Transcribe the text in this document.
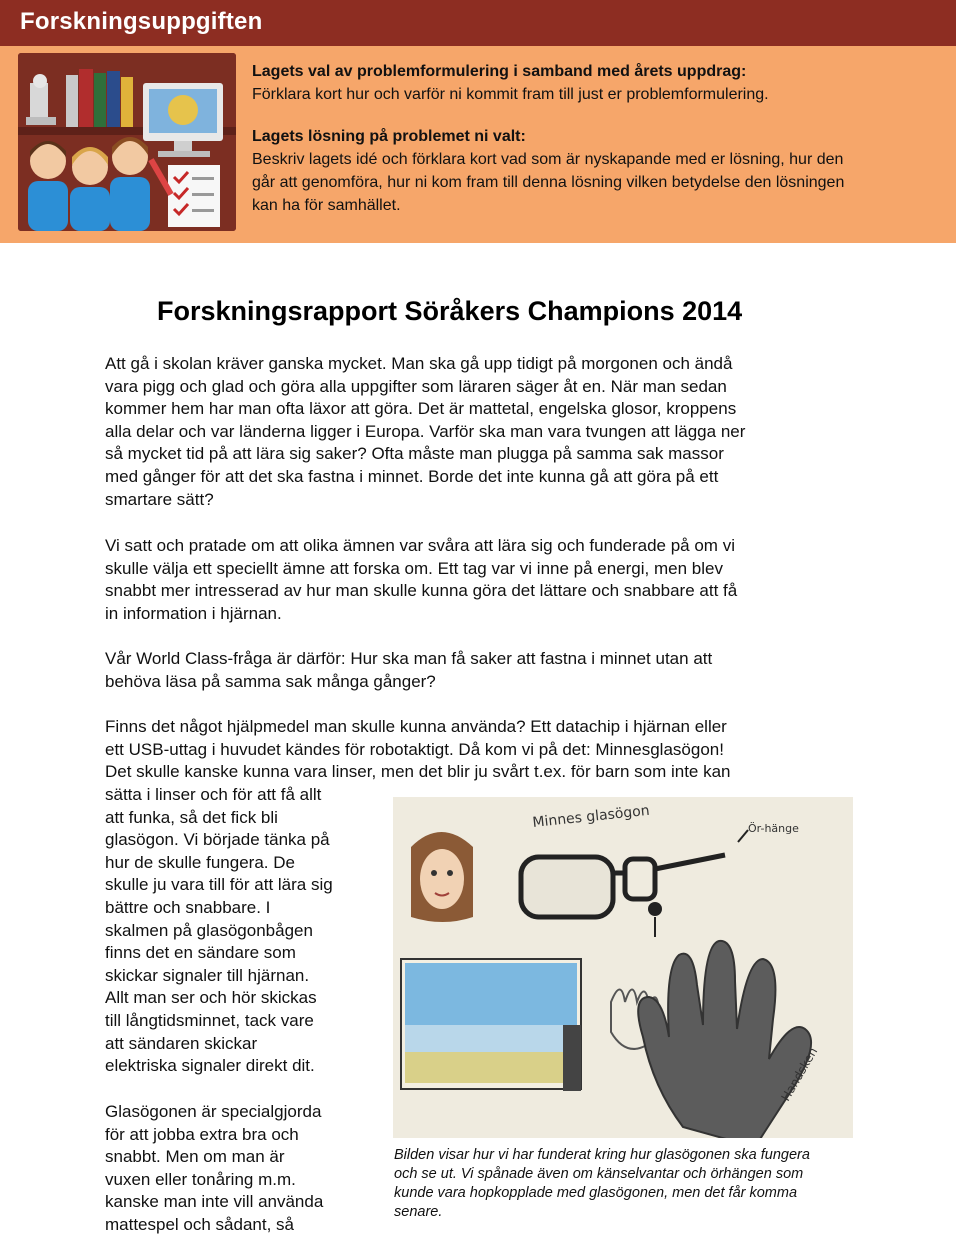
Forskningsuppgiften
Lagets val av problemformulering i samband med årets uppdrag:
Förklara kort hur och varför ni kommit fram till just er problemformulering.
Lagets lösning på problemet ni valt:
Beskriv lagets idé och förklara kort vad som är nyskapande med er lösning, hur den
går att genomföra, hur ni kom fram till denna lösning vilken betydelse den lösningen
kan ha för samhället.
Forskningsrapport Söråkers Champions 2014
Att gå i skolan kräver ganska mycket. Man ska gå upp tidigt på morgonen och ändå
vara pigg och glad och göra alla uppgifter som läraren säger åt en. När man sedan
kommer hem har man ofta läxor att göra. Det är mattetal, engelska glosor, kroppens
alla delar och var länderna ligger i Europa. Varför ska man vara tvungen att lägga ner
så mycket tid på att lära sig saker? Ofta måste man plugga på samma sak massor
med gånger för att det ska fastna i minnet. Borde det inte kunna gå att göra på ett
smartare sätt?
Vi satt och pratade om att olika ämnen var svåra att lära sig och funderade på om vi
skulle välja ett speciellt ämne att forska om. Ett tag var vi inne på energi, men blev
snabbt mer intresserad av hur man skulle kunna göra det lättare och snabbare att få
in information i hjärnan.
Vår World Class-fråga är därför: Hur ska man få saker att fastna i minnet utan att
behöva läsa på samma sak många gånger?
Finns det något hjälpmedel man skulle kunna använda? Ett datachip i hjärnan eller
ett USB-uttag i huvudet kändes för robotaktigt. Då kom vi på det: Minnesglasögon!
Det skulle kanske kunna vara linser, men det blir ju svårt t.ex. för barn som inte kan
sätta i linser och för att få allt
att funka, så det fick bli
glasögon. Vi började tänka på
hur de skulle fungera. De
skulle ju vara till för att lära sig
bättre och snabbare. I
skalmen på glasögonbågen
finns det en sändare som
skickar signaler till hjärnan.
Allt man ser och hör skickas
till långtidsminnet, tack vare
att sändaren skickar
elektriska signaler direkt dit.
Glasögonen är specialgjorda
för att jobba extra bra och
snabbt. Men om man är
vuxen eller tonåring m.m.
kanske man inte vill använda
mattespel och sådant, så
Minnes glasögon	Ör-hänge
Handsken
Bilden visar hur vi har funderat kring hur glasögonen ska fungera
och se ut. Vi spånade även om känselvantar och örhängen som
kunde vara hopkopplade med glasögonen, men det får komma
senare.
